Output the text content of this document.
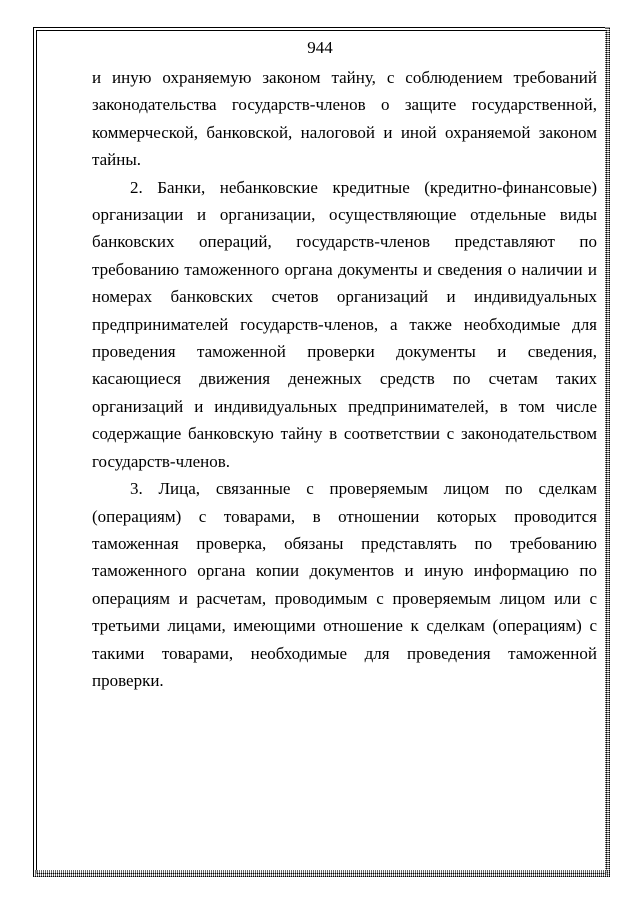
944

и иную охраняемую законом тайну, с соблюдением требований законодательства государств-членов о защите государственной, коммерческой, банковской, налоговой и иной охраняемой законом тайны.

2. Банки, небанковские кредитные (кредитно-финансовые) организации и организации, осуществляющие отдельные виды банковских операций, государств-членов представляют по требованию таможенного органа документы и сведения о наличии и номерах банковских счетов организаций и индивидуальных предпринимателей государств-членов, а также необходимые для проведения таможенной проверки документы и сведения, касающиеся движения денежных средств по счетам таких организаций и индивидуальных предпринимателей, в том числе содержащие банковскую тайну в соответствии с законодательством государств-членов.

3. Лица, связанные с проверяемым лицом по сделкам (операциям) с товарами, в отношении которых проводится таможенная проверка, обязаны представлять по требованию таможенного органа копии документов и иную информацию по операциям и расчетам, проводимым с проверяемым лицом или с третьими лицами, имеющими отношение к сделкам (операциям) с такими товарами, необходимые для проведения таможенной проверки.
